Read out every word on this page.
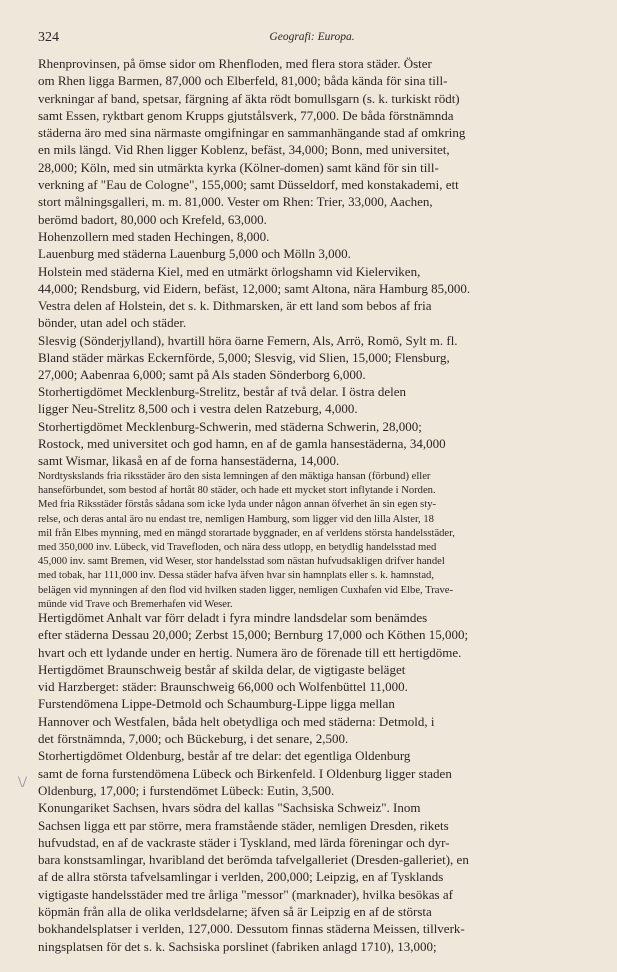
324	Geografi: Europa.
Rhenprovinsen, på ömse sidor om Rhenfloden, med flera stora städer. Öster
om Rhen ligga Barmen, 87,000 och Elberfeld, 81,000; båda kända för sina till-
verkningar af band, spetsar, färgning af äkta rödt bomullsgarn (s. k. turkiskt rödt)
samt Essen, ryktbart genom Krupps gjutstålsverk, 77,000. De båda förstnämnda
städerna äro med sina närmaste omgifningar en sammanhängande stad af omkring
en mils längd. Vid Rhen ligger Koblenz, befäst, 34,000; Bonn, med universitet,
28,000; Köln, med sin utmärkta kyrka (Kölner-domen) samt känd för sin till-
verkning af "Eau de Cologne", 155,000; samt Düsseldorf, med konstakademi, ett
stort målningsgalleri, m. m. 81,000. Vester om Rhen: Trier, 33,000, Aachen,
berömd badort, 80,000 och Krefeld, 63,000.
Hohenzollern med staden Hechingen, 8,000.
Lauenburg med städerna Lauenburg 5,000 och Mölln 3,000.
Holstein med städerna Kiel, med en utmärkt örlogshamn vid Kielerviken,
44,000; Rendsburg, vid Eidern, befäst, 12,000; samt Altona, nära Hamburg 85,000.
Vestra delen af Holstein, det s. k. Dithmarsken, är ett land som bebos af fria
bönder, utan adel och städer.
Slesvig (Sönderjylland), hvartill höra öarne Femern, Als, Arrö, Romö, Sylt m. fl.
Bland städer märkas Eckernförde, 5,000; Slesvig, vid Slien, 15,000; Flensburg,
27,000; Aabenraa 6,000; samt på Als staden Sönderborg 6,000.
Storhertigdömet Mecklenburg-Strelitz, består af två delar. I östra delen
ligger Neu-Strelitz 8,500 och i vestra delen Ratzeburg, 4,000.
Storhertigdömet Mecklenburg-Schwerin, med städerna Schwerin, 28,000;
Rostock, med universitet och god hamn, en af de gamla hansestäderna, 34,000
samt Wismar, likaså en af de forna hansestäderna, 14,000.
Nordtyskslands fria riksstäder äro den sista lemningen af den mäktiga hansan (förbund) eller
hanseförbundet, som bestod af hortåt 80 städer, och hade ett mycket stort inflytande i Norden.
Med fria Riksstäder förstås sådana som icke lyda under någon annan öfverhet än sin egen sty-
relse, och deras antal äro nu endast tre, nemligen Hamburg, som ligger vid den lilla Alster, 18
mil från Elbes mynning, med en mängd storartade byggnader, en af verldens största handelsstäder,
med 350,000 inv. Lübeck, vid Travefloden, och nära dess utlopp, en betydlig handelsstad med
45,000 inv. samt Bremen, vid Weser, stor handelsstad som nästan hufvudsakligen drifver handel
med tobak, har 111,000 inv. Dessa städer hafva äfven hvar sin hamnplats eller s. k. hamnstad,
belägen vid mynningen af den flod vid hvilken staden ligger, nemligen Cuxhafen vid Elbe, Trave-
münde vid Trave och Bremerhafen vid Weser.
Hertigdömet Anhalt var förr deladt i fyra mindre landsdelar som benämdes
efter städerna Dessau 20,000; Zerbst 15,000; Bernburg 17,000 och Köthen 15,000;
hvart och ett lydande under en hertig. Numera äro de förenade till ett hertigdöme.
Hertigdömet Braunschweig består af skilda delar, de vigtigaste beläget
vid Harzberget: städer: Braunschweig 66,000 och Wolfenbüttel 11,000.
Furstendömena Lippe-Detmold och Schaumburg-Lippe ligga mellan
Hannover och Westfalen, båda helt obetydliga och med städerna: Detmold, i
det förstnämnda, 7,000; och Bückeburg, i det senare, 2,500.
Storhertigdömet Oldenburg, består af tre delar: det egentliga Oldenburg
samt de forna furstendömena Lübeck och Birkenfeld. I Oldenburg ligger staden
Oldenburg, 17,000; i furstendömet Lübeck: Eutin, 3,500.
Konungariket Sachsen, hvars södra del kallas "Sachsiska Schweiz". Inom
Sachsen ligga ett par större, mera framstående städer, nemligen Dresden, rikets
hufvudstad, en af de vackraste städer i Tyskland, med lärda föreningar och dyr-
bara konstsamlingar, hvaribland det berömda tafvelgalleriet (Dresden-galleriet), en
af de allra största tafvelsamlingar i verlden, 200,000; Leipzig, en af Tysklands
vigtigaste handelsstäder med tre årliga "messor" (marknader), hvilka besökas af
köpmän från alla de olika verldsdelarne; äfven så är Leipzig en af de största
bokhandelsplatser i verlden, 127,000. Dessutom finnas städerna Meissen, tillverk-
ningsplatsen för det s. k. Sachsiska porslinet (fabriken anlagd 1710), 13,000;
\/
